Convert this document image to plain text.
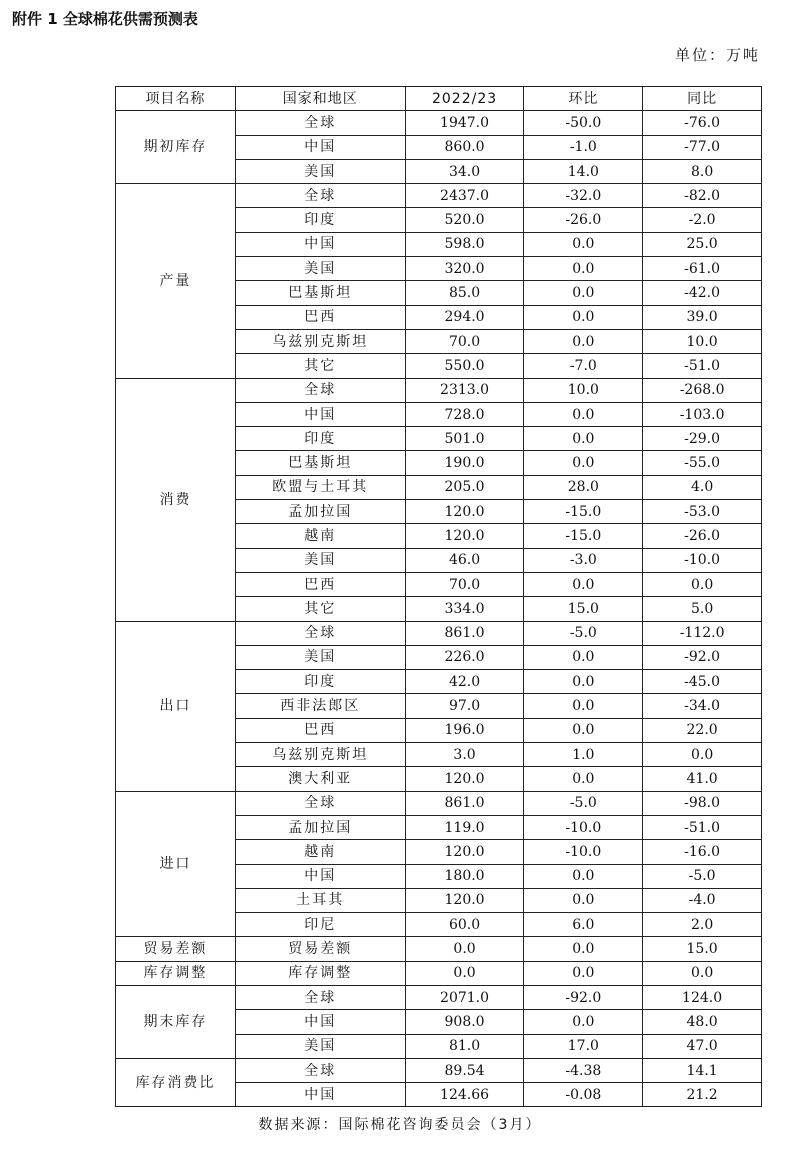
附件 1 全球棉花供需预测表
单位：万吨
项目名称	国家和地区	2022/23	环比	同比
期初库存	全球	1947.0	-50.0	-76.0
	中国	860.0	-1.0	-77.0
	美国	34.0	14.0	8.0
产量	全球	2437.0	-32.0	-82.0
	印度	520.0	-26.0	-2.0
	中国	598.0	0.0	25.0
	美国	320.0	0.0	-61.0
	巴基斯坦	85.0	0.0	-42.0
	巴西	294.0	0.0	39.0
	乌兹别克斯坦	70.0	0.0	10.0
	其它	550.0	-7.0	-51.0
消费	全球	2313.0	10.0	-268.0
	中国	728.0	0.0	-103.0
	印度	501.0	0.0	-29.0
	巴基斯坦	190.0	0.0	-55.0
	欧盟与土耳其	205.0	28.0	4.0
	孟加拉国	120.0	-15.0	-53.0
	越南	120.0	-15.0	-26.0
	美国	46.0	-3.0	-10.0
	巴西	70.0	0.0	0.0
	其它	334.0	15.0	5.0
出口	全球	861.0	-5.0	-112.0
	美国	226.0	0.0	-92.0
	印度	42.0	0.0	-45.0
	西非法郎区	97.0	0.0	-34.0
	巴西	196.0	0.0	22.0
	乌兹别克斯坦	3.0	1.0	0.0
	澳大利亚	120.0	0.0	41.0
进口	全球	861.0	-5.0	-98.0
	孟加拉国	119.0	-10.0	-51.0
	越南	120.0	-10.0	-16.0
	中国	180.0	0.0	-5.0
	土耳其	120.0	0.0	-4.0
	印尼	60.0	6.0	2.0
贸易差额	贸易差额	0.0	0.0	15.0
库存调整	库存调整	0.0	0.0	0.0
期末库存	全球	2071.0	-92.0	124.0
	中国	908.0	0.0	48.0
	美国	81.0	17.0	47.0
库存消费比	全球	89.54	-4.38	14.1
	中国	124.66	-0.08	21.2
数据来源：国际棉花咨询委员会（3月）
